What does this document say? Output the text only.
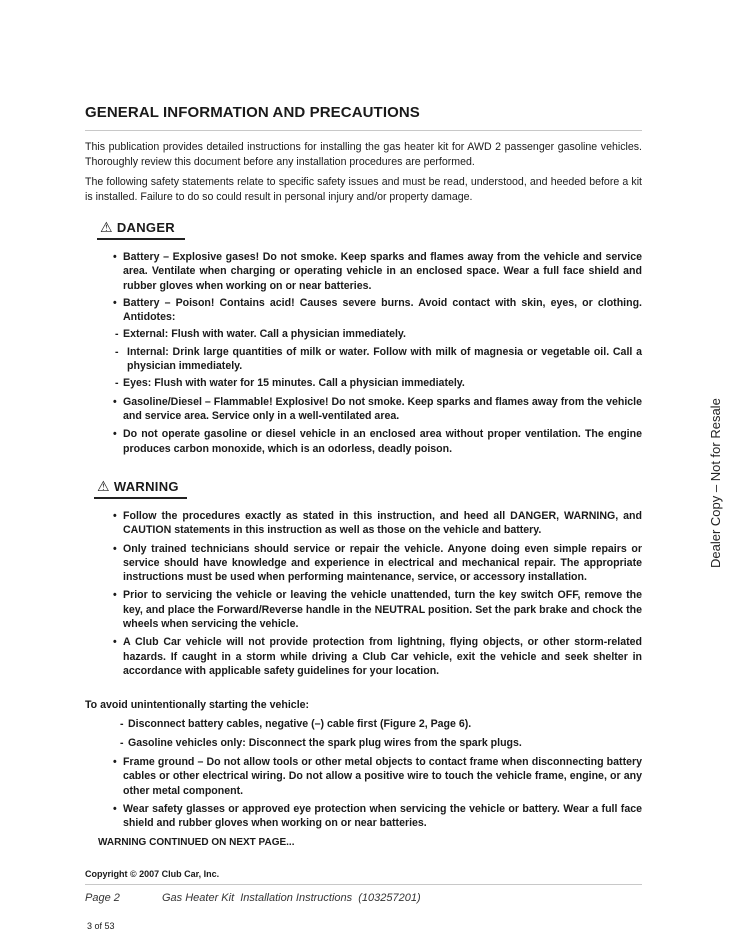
GENERAL INFORMATION AND PRECAUTIONS
This publication provides detailed instructions for installing the gas heater kit for AWD 2 passenger gasoline vehicles. Thoroughly review this document before any installation procedures are performed.
The following safety statements relate to specific safety issues and must be read, understood, and heeded before a kit is installed. Failure to do so could result in personal injury and/or property damage.
⚠ DANGER
• Battery – Explosive gases! Do not smoke. Keep sparks and flames away from the vehicle and service area. Ventilate when charging or operating vehicle in an enclosed space. Wear a full face shield and rubber gloves when working on or near batteries.
• Battery – Poison! Contains acid! Causes severe burns. Avoid contact with skin, eyes, or clothing. Antidotes:
- External: Flush with water. Call a physician immediately.
- Internal: Drink large quantities of milk or water. Follow with milk of magnesia or vegetable oil. Call a physician immediately.
- Eyes: Flush with water for 15 minutes. Call a physician immediately.
• Gasoline/Diesel – Flammable! Explosive! Do not smoke. Keep sparks and flames away from the vehicle and service area. Service only in a well-ventilated area.
• Do not operate gasoline or diesel vehicle in an enclosed area without proper ventilation. The engine produces carbon monoxide, which is an odorless, deadly poison.
⚠ WARNING
• Follow the procedures exactly as stated in this instruction, and heed all DANGER, WARNING, and CAUTION statements in this instruction as well as those on the vehicle and battery.
• Only trained technicians should service or repair the vehicle. Anyone doing even simple repairs or service should have knowledge and experience in electrical and mechanical repair. The appropriate instructions must be used when performing maintenance, service, or accessory installation.
• Prior to servicing the vehicle or leaving the vehicle unattended, turn the key switch OFF, remove the key, and place the Forward/Reverse handle in the NEUTRAL position. Set the park brake and chock the wheels when servicing the vehicle.
• A Club Car vehicle will not provide protection from lightning, flying objects, or other storm-related hazards. If caught in a storm while driving a Club Car vehicle, exit the vehicle and seek shelter in accordance with applicable safety guidelines for your location.
To avoid unintentionally starting the vehicle:
- Disconnect battery cables, negative (–) cable first (Figure 2, Page 6).
- Gasoline vehicles only: Disconnect the spark plug wires from the spark plugs.
• Frame ground – Do not allow tools or other metal objects to contact frame when disconnecting battery cables or other electrical wiring. Do not allow a positive wire to touch the vehicle frame, engine, or any other metal component.
• Wear safety glasses or approved eye protection when servicing the vehicle or battery. Wear a full face shield and rubber gloves when working on or near batteries.
WARNING CONTINUED ON NEXT PAGE...
Copyright © 2007 Club Car, Inc.
Page 2	Gas Heater Kit  Installation Instructions  (103257201)
3 of 53
Dealer Copy – Not for Resale
